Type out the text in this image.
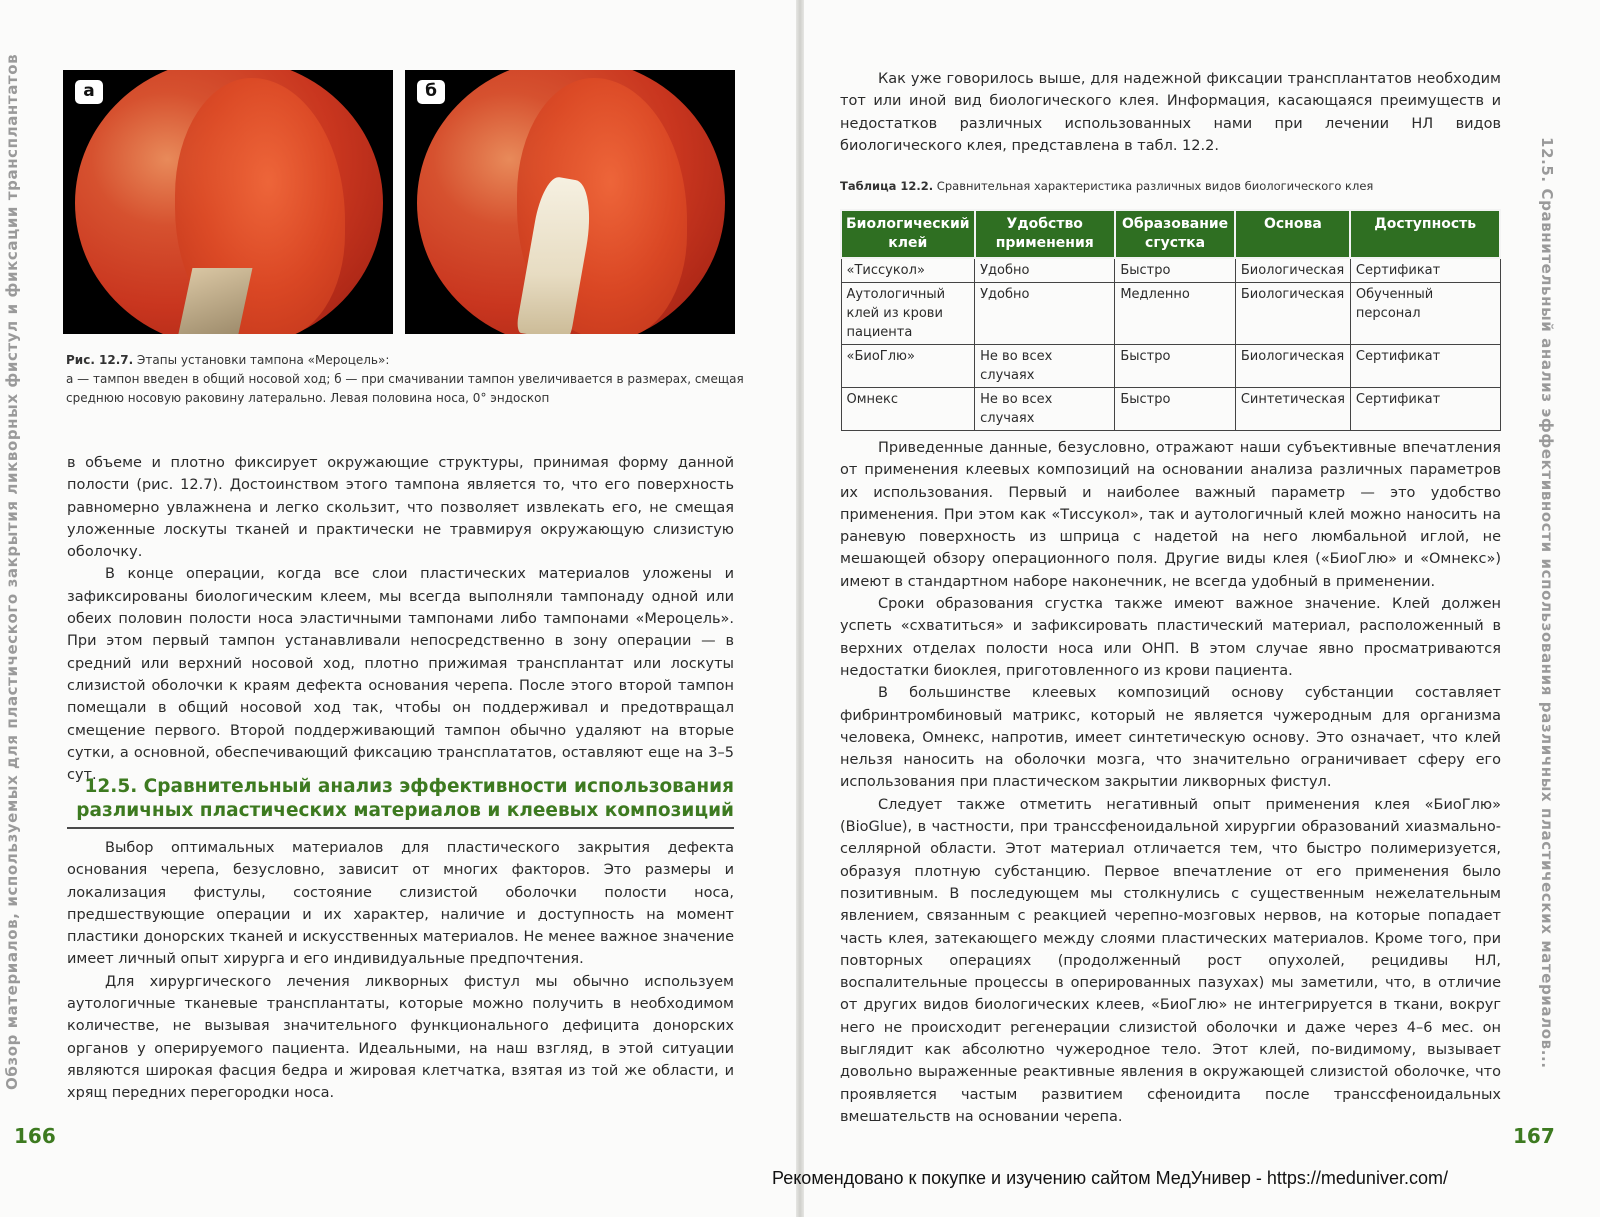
Обзор материалов, используемых для пластического закрытия ликворных фистул и фиксации трансплантатов	а	б
Рис. 12.7. Этапы установки тампона «Мероцель»:
а — тампон введен в общий носовой ход; б — при смачивании тампон увеличивается в размерах, смещая среднюю носовую раковину латерально. Левая половина носа, 0° эндоскоп

в объеме и плотно фиксирует окружающие структуры, принимая форму данной полости (рис. 12.7). Достоинством этого тампона является то, что его поверхность равномерно увлажнена и легко скользит, что позволяет извлекать его, не смещая уложенные лоскуты тканей и практически не травмируя окружающую слизистую оболочку.

В конце операции, когда все слои пластических материалов уложены и зафиксированы биологическим клеем, мы всегда выполняли тампонаду одной или обеих половин полости носа эластичными тампонами либо тампонами «Мероцель». При этом первый тампон устанавливали непосредственно в зону операции — в средний или верхний носовой ход, плотно прижимая трансплантат или лоскуты слизистой оболочки к краям дефекта основания черепа. После этого второй тампон помещали в общий носовой ход так, чтобы он поддерживал и предотвращал смещение первого. Второй поддерживающий тампон обычно удаляют на вторые сутки, а основной, обеспечивающий фиксацию трансплататов, оставляют еще на 3–5 сут.

12.5. Сравнительный анализ эффективности использования
различных пластических материалов и клеевых композиций

Выбор оптимальных материалов для пластического закрытия дефекта основания черепа, безусловно, зависит от многих факторов. Это размеры и локализация фистулы, состояние слизистой оболочки полости носа, предшествующие операции и их характер, наличие и доступность на момент пластики донорских тканей и искусственных материалов. Не менее важное значение имеет личный опыт хирурга и его индивидуальные предпочтения.

Для хирургического лечения ликворных фистул мы обычно используем аутологичные тканевые трансплантаты, которые можно получить в необходимом количестве, не вызывая значительного функционального дефицита донорских органов у оперируемого пациента. Идеальными, на наш взгляд, в этой ситуации являются широкая фасция бедра и жировая клетчатка, взятая из той же области, и хрящ передних перегородки носа.

166
12.5. Сравнительный анализ эффективности использования различных пластических материалов...

Как уже говорилось выше, для надежной фиксации трансплантатов необходим тот или иной вид биологического клея. Информация, касающаяся преимуществ и недостатков различных использованных нами при лечении НЛ видов биологического клея, представлена в табл. 12.2.

Таблица 12.2. Сравнительная характеристика различных видов биологического клея
Биологический клей	Удобство применения	Образование сгустка	Основа	Доступность
«Тиссукол»	Удобно	Быстро	Биологическая	Сертификат
Аутологичный клей из крови пациента	Удобно	Медленно	Биологическая	Обученный персонал
«БиоГлю»	Не во всех случаях	Быстро	Биологическая	Сертификат
Омнекс	Не во всех случаях	Быстро	Синтетическая	Сертификат

Приведенные данные, безусловно, отражают наши субъективные впечатления от применения клеевых композиций на основании анализа различных параметров их использования. Первый и наиболее важный параметр — это удобство применения. При этом как «Тиссукол», так и аутологичный клей можно наносить на раневую поверхность из шприца с надетой на него люмбальной иглой, не мешающей обзору операционного поля. Другие виды клея («БиоГлю» и «Омнекс») имеют в стандартном наборе наконечник, не всегда удобный в применении.

Сроки образования сгустка также имеют важное значение. Клей должен успеть «схватиться» и зафиксировать пластический материал, расположенный в верхних отделах полости носа или ОНП. В этом случае явно просматриваются недостатки биоклея, приготовленного из крови пациента.

В большинстве клеевых композиций основу субстанции составляет фибринтромбиновый матрикс, который не является чужеродным для организма человека, Омнекс, напротив, имеет синтетическую основу. Это означает, что клей нельзя наносить на оболочки мозга, что значительно ограничивает сферу его использования при пластическом закрытии ликворных фистул.

Следует также отметить негативный опыт применения клея «БиоГлю» (BioGlue), в частности, при транссфеноидальной хирургии образований хиазмально-селлярной области. Этот материал отличается тем, что быстро полимеризуется, образуя плотную субстанцию. Первое впечатление от его применения было позитивным. В последующем мы столкнулись с существенным нежелательным явлением, связанным с реакцией черепно-мозговых нервов, на которые попадает часть клея, затекающего между слоями пластических материалов. Кроме того, при повторных операциях (продолженный рост опухолей, рецидивы НЛ, воспалительные процессы в оперированных пазухах) мы заметили, что, в отличие от других видов биологических клеев, «БиоГлю» не интегрируется в ткани, вокруг него не происходит регенерации слизистой оболочки и даже через 4–6 мес. он выглядит как абсолютно чужеродное тело. Этот клей, по-видимому, вызывает довольно выраженные реактивные явления в окружающей слизистой оболочке, что проявляется частым развитием сфеноидита после транссфеноидальных вмешательств на основании черепа.

167
Рекомендовано к покупке и изучению сайтом МедУнивер - https://meduniver.com/
